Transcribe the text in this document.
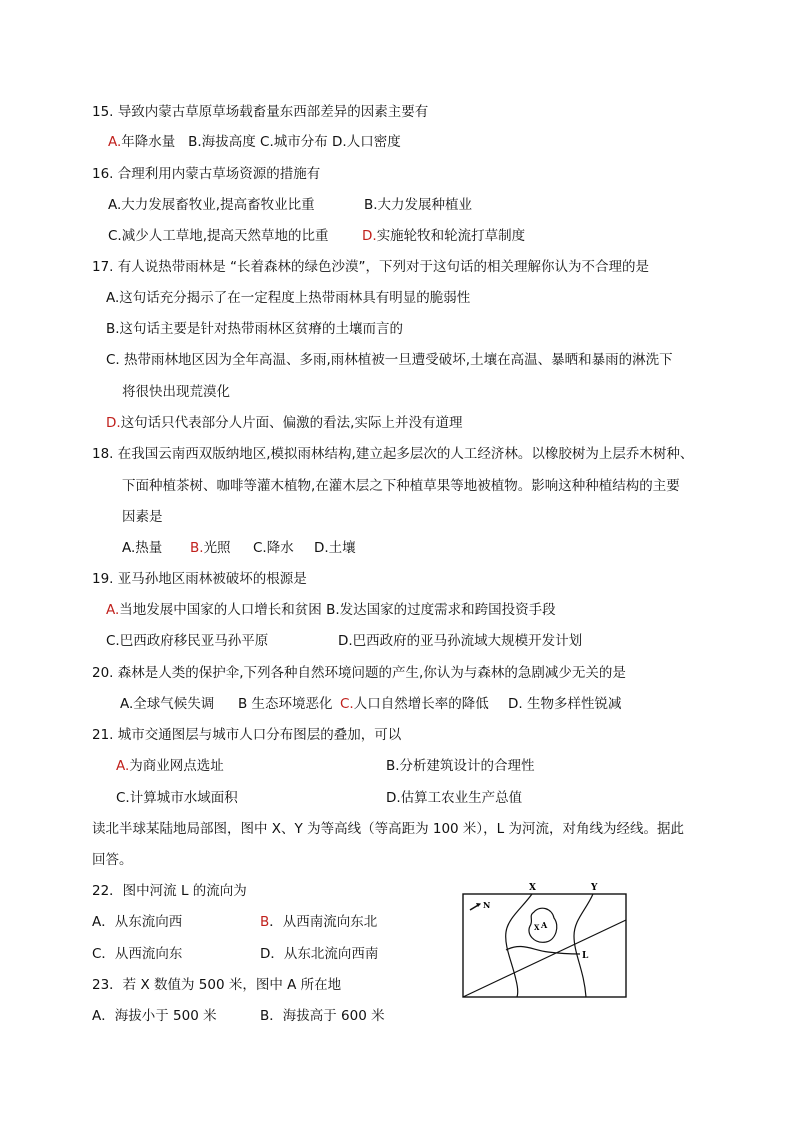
15. 导致内蒙古草原草场载畜量东西部差异的因素主要有
A.年降水量 B.海拔高度 C.城市分布 D.人口密度
16. 合理利用内蒙古草场资源的措施有
A.大力发展畜牧业,提高畜牧业比重	B.大力发展种植业
C.减少人工草地,提高天然草地的比重 D.实施轮牧和轮流打草制度
17. 有人说热带雨林是 “长着森林的绿色沙漠”，下列对于这句话的相关理解你认为不合理的是
A.这句话充分揭示了在一定程度上热带雨林具有明显的脆弱性
B.这句话主要是针对热带雨林区贫瘠的土壤而言的
C. 热带雨林地区因为全年高温、多雨,雨林植被一旦遭受破坏,土壤在高温、暴晒和暴雨的淋洗下
将很快出现荒漠化
D.这句话只代表部分人片面、偏激的看法,实际上并没有道理
18. 在我国云南西双版纳地区,模拟雨林结构,建立起多层次的人工经济林。以橡胶树为上层乔木树种、
下面种植茶树、咖啡等灌木植物,在灌木层之下种植草果等地被植物。影响这种种植结构的主要
因素是
A.热量 B.光照 C.降水 D.土壤
19. 亚马孙地区雨林被破坏的根源是
A.当地发展中国家的人口增长和贫困 B.发达国家的过度需求和跨国投资手段
C.巴西政府移民亚马孙平原	D.巴西政府的亚马孙流域大规模开发计划
20. 森林是人类的保护伞,下列各种自然环境问题的产生,你认为与森林的急剧减少无关的是
A.全球气候失调 B 生态环境恶化 C.人口自然增长率的降低 D. 生物多样性锐减
21. 城市交通图层与城市人口分布图层的叠加，可以
A.为商业网点选址	B.分析建筑设计的合理性
C.计算城市水域面积	D.估算工农业生产总值
读北半球某陆地局部图，图中 X、Y 为等高线（等高距为 100 米），L 为河流，对角线为经线。据此
回答。
22．图中河流 L 的流向为
A．从东流向西	B．从西南流向东北
C．从西流向东	D．从东北流向西南
23．若 X 数值为 500 米，图中 A 所在地
A．海拔小于 500 米	B．海拔高于 600 米
N
X	Y
A
X
L
